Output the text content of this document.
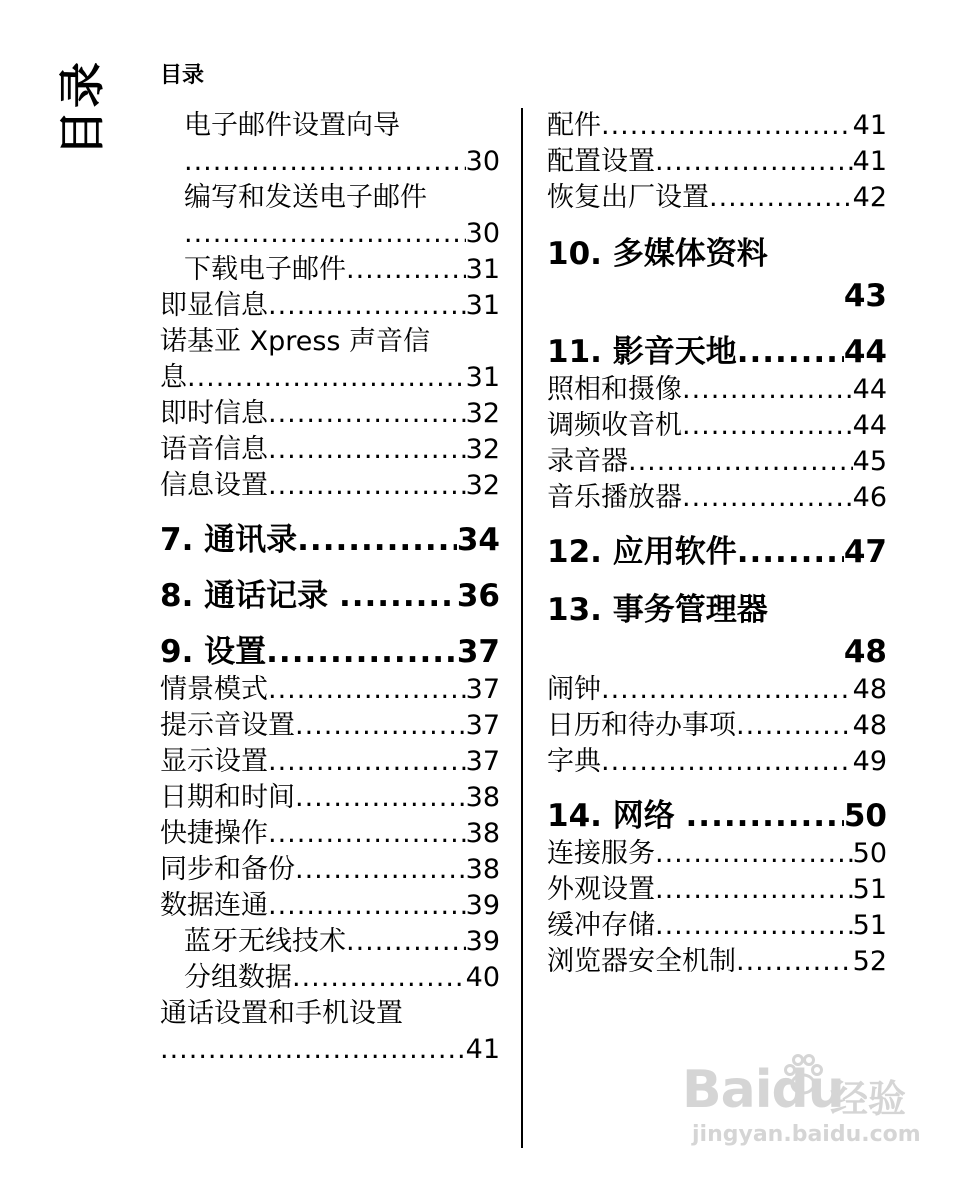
目录 目录
电子邮件设置向导
.....
30
编写和发送电子邮件
.....
30
下载电子邮件 .....	31
即显信息 .....	31
诺基亚 Xpress 声音信
息 .....	31
即时信息 .....	32
语音信息 .....	32
信息设置 .....	32
7. 通讯录 .....	34
8. 通话记录 .....	36
9. 设置 .....	37
情景模式 .....	37
提示音设置 .....	37
显示设置 .....	37
日期和时间 .....	38
快捷操作 .....	38
同步和备份 .....	38
数据连通 .....	39
蓝牙无线技术 .....	39
分组数据 .....	40
通话设置和手机设置
.....
41
配件 .....	41
配置设置 .....	41
恢复出厂设置 .....	42
10. 多媒体资料
43
11. 影音天地 .....	44
照相和摄像 .....	44
调频收音机 .....	44
录音器 .....	45
音乐播放器 .....	46
12. 应用软件 .....	47
13. 事务管理器
48
闹钟 .....	48
日历和待办事项 .....	48
字典 .....	49
14. 网络 .....	50
连接服务 .....	50
外观设置 .....	51
缓冲存储 .....	51
浏览器安全机制 .....	52
Baidu
经验
jingyan.baidu.com
